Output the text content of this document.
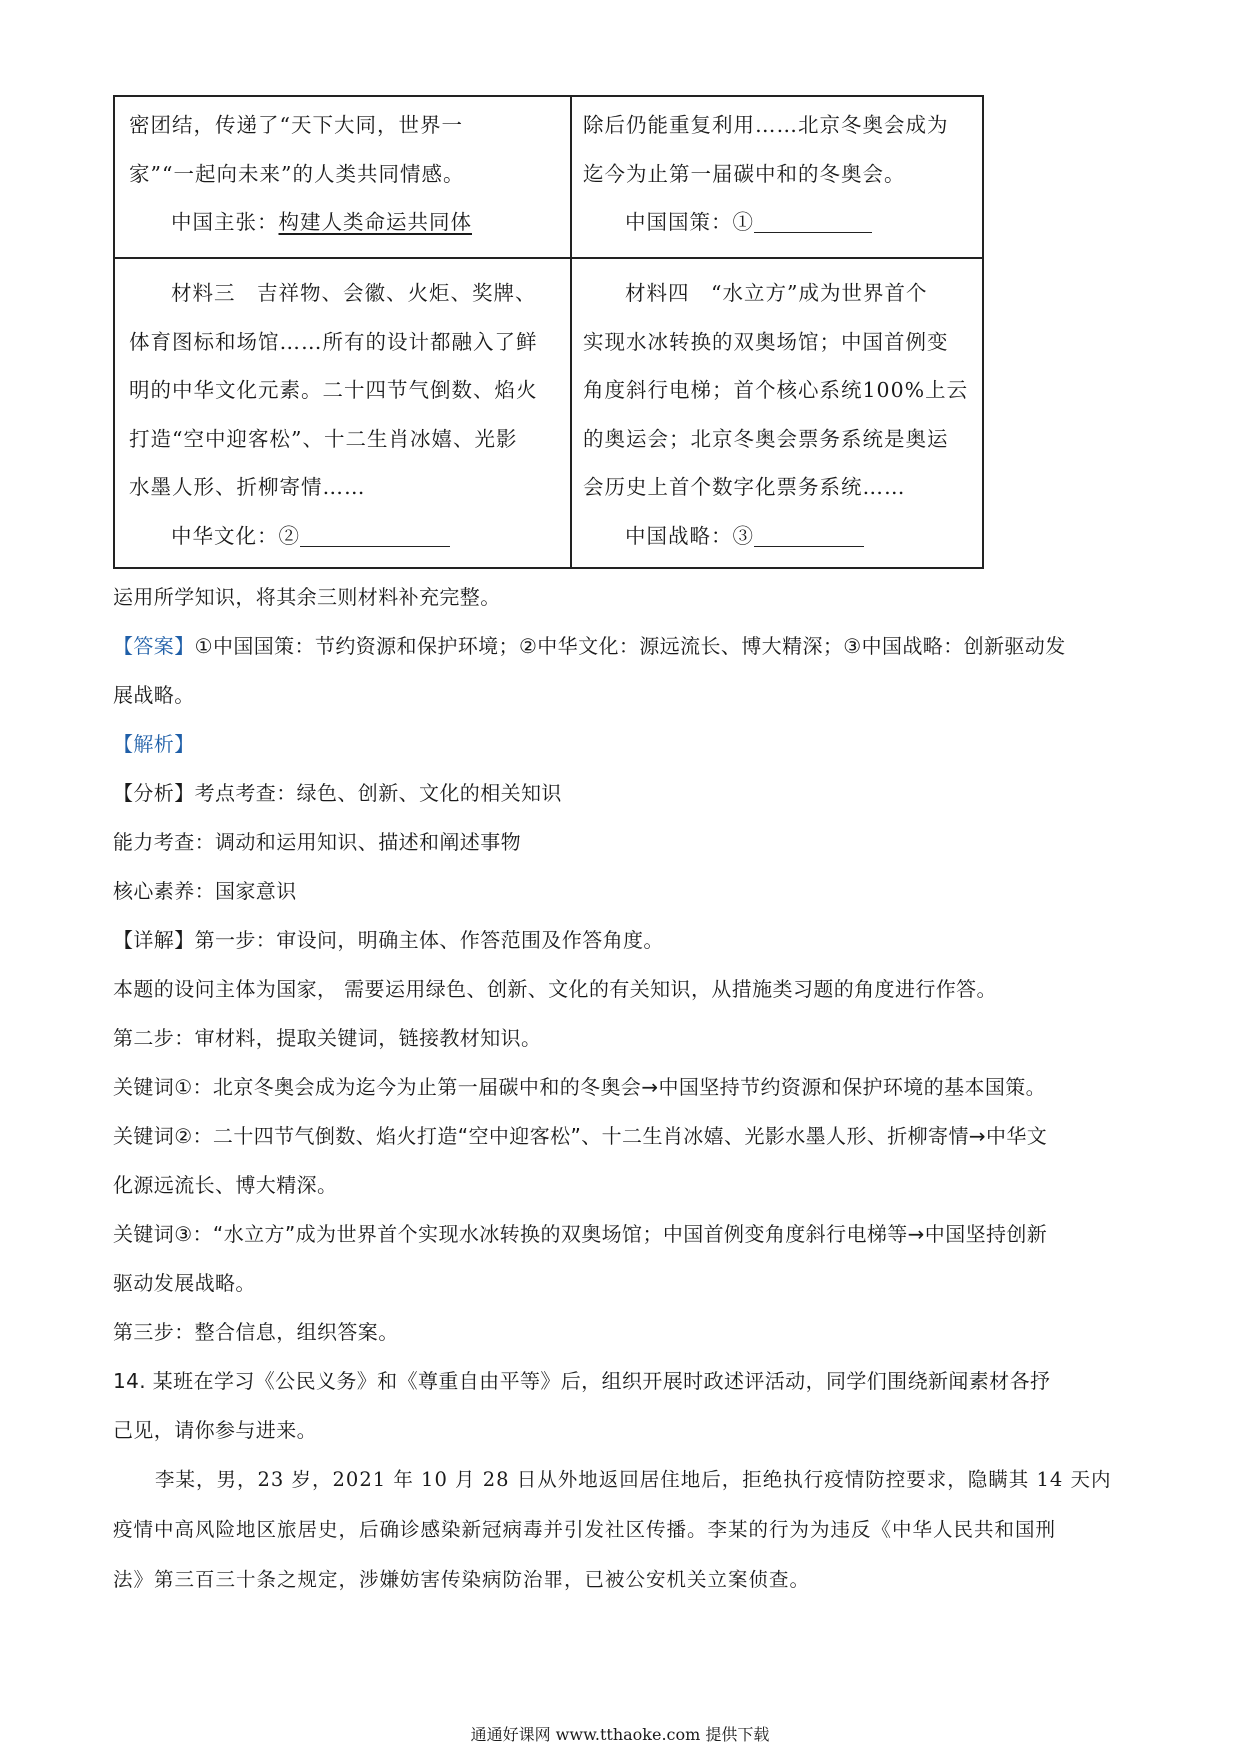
密团结，传递了“天下大同，世界一

家”“一起向未来”的人类共同情感。

中国主张：构建人类命运共同体

除后仍能重复利用……北京冬奥会成为

迄今为止第一届碳中和的冬奥会。

中国国策：①

材料三　吉祥物、会徽、火炬、奖牌、

体育图标和场馆……所有的设计都融入了鲜

明的中华文化元素。二十四节气倒数、焰火

打造“空中迎客松”、十二生肖冰嬉、光影

水墨人形、折柳寄情……

中华文化：②

材料四　“水立方”成为世界首个

实现水冰转换的双奥场馆；中国首例变

角度斜行电梯；首个核心系统100%上云

的奥运会；北京冬奥会票务系统是奥运

会历史上首个数字化票务系统……

中国战略：③

运用所学知识，将其余三则材料补充完整。
【答案】①中国国策：节约资源和保护环境；②中华文化：源远流长、博大精深；③中国战略：创新驱动发
展战略。
【解析】
【分析】考点考查：绿色、创新、文化的相关知识
能力考查：调动和运用知识、描述和阐述事物
核心素养：国家意识
【详解】第一步：审设问，明确主体、作答范围及作答角度。
本题的设问主体为国家， 需要运用绿色、创新、文化的有关知识，从措施类习题的角度进行作答。
第二步：审材料，提取关键词，链接教材知识。
关键词①：北京冬奥会成为迄今为止第一届碳中和的冬奥会→中国坚持节约资源和保护环境的基本国策。
关键词②：二十四节气倒数、焰火打造“空中迎客松”、十二生肖冰嬉、光影水墨人形、折柳寄情→中华文
化源远流长、博大精深。
关键词③：“水立方”成为世界首个实现水冰转换的双奥场馆；中国首例变角度斜行电梯等→中国坚持创新
驱动发展战略。
第三步：整合信息，组织答案。
14. 某班在学习《公民义务》和《尊重自由平等》后，组织开展时政述评活动，同学们围绕新闻素材各抒
己见，请你参与进来。
李某，男，23 岁，2021 年 10 月 28 日从外地返回居住地后，拒绝执行疫情防控要求，隐瞒其 14 天内
疫情中高风险地区旅居史，后确诊感染新冠病毒并引发社区传播。李某的行为为违反《中华人民共和国刑
法》第三百三十条之规定，涉嫌妨害传染病防治罪，已被公安机关立案侦查。
通通好课网 www.tthaoke.com 提供下载
